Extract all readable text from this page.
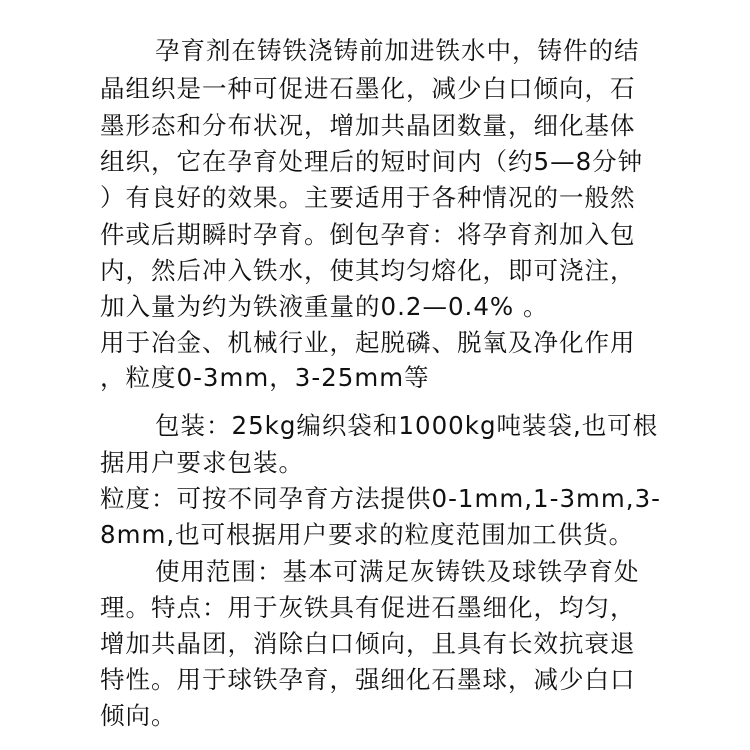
孕育剂在铸铁浇铸前加进铁水中，铸件的结
晶组织是一种可促进石墨化，减少白口倾向，石
墨形态和分布状况，增加共晶团数量，细化基体
组织，它在孕育处理后的短时间内（约5—8分钟
）有良好的效果。主要适用于各种情况的一般然
件或后期瞬时孕育。倒包孕育：将孕育剂加入包
内，然后冲入铁水，使其均匀熔化，即可浇注，
加入量为约为铁液重量的0.2—0.4% 。
用于冶金、机械行业，起脱磷、脱氧及净化作用
，粒度0-3mm，3-25mm等
包装：25kg编织袋和1000kg吨装袋,也可根
据用户要求包装。
粒度：可按不同孕育方法提供0-1mm,1-3mm,3-
8mm,也可根据用户要求的粒度范围加工供货。
使用范围：基本可满足灰铸铁及球铁孕育处
理。特点：用于灰铁具有促进石墨细化，均匀，
增加共晶团，消除白口倾向，且具有长效抗衰退
特性。用于球铁孕育，强细化石墨球，减少白口
倾向。
